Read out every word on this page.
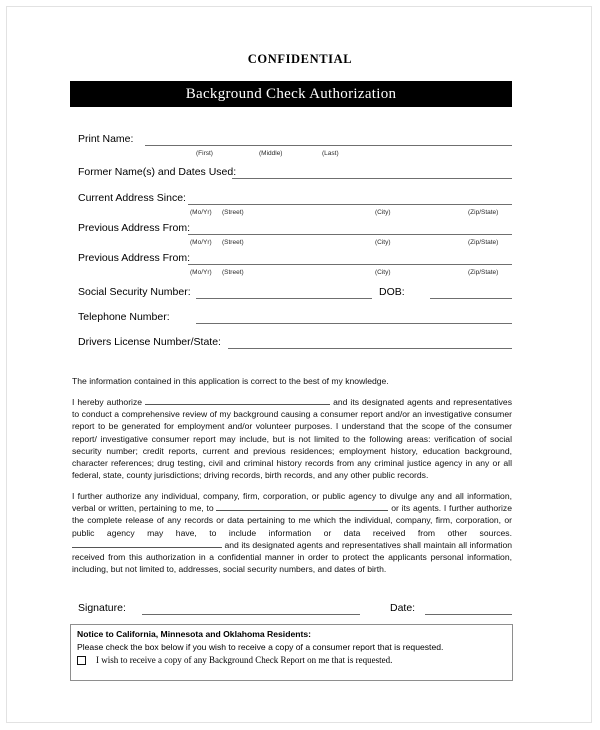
CONFIDENTIAL
Background Check Authorization
Print Name:
(First)	(Middle)	(Last)
Former Name(s) and Dates Used:
Current Address Since:
(Mo/Yr) (Street)	(City)	(Zip/State)
Previous Address From:
(Mo/Yr) (Street)	(City)	(Zip/State)
Previous Address From:
(Mo/Yr) (Street)	(City)	(Zip/State)
Social Security Number:	DOB:
Telephone Number:
Drivers License Number/State:
The information contained in this application is correct to the best of my knowledge.
I hereby authorize	and its designated agents and representatives to conduct a comprehensive review of my background causing a consumer report and/or an investigative consumer report to be generated for employment and/or volunteer purposes. I understand that the scope of the consumer report/ investigative consumer report may include, but is not limited to the following areas: verification of social security number; credit reports, current and previous residences; employment history, education background, character references; drug testing, civil and criminal history records from any criminal justice agency in any or all federal, state, county jurisdictions; driving records, birth records, and any other public records.
I further authorize any individual, company, firm, corporation, or public agency to divulge any and all information, verbal or written, pertaining to me, to	or its agents. I further authorize the complete release of any records or data pertaining to me which the individual, company, firm, corporation, or public agency may have, to include information or data received from other sources.  and its designated agents and representatives shall maintain all information received from this authorization in a confidential manner in order to protect the applicants personal information, including, but not limited to, addresses, social security numbers, and dates of birth.
Signature:	Date:
Notice to California, Minnesota and Oklahoma Residents:
Please check the box below if you wish to receive a copy of a consumer report that is requested.
I wish to receive a copy of any Background Check Report on me that is requested.
